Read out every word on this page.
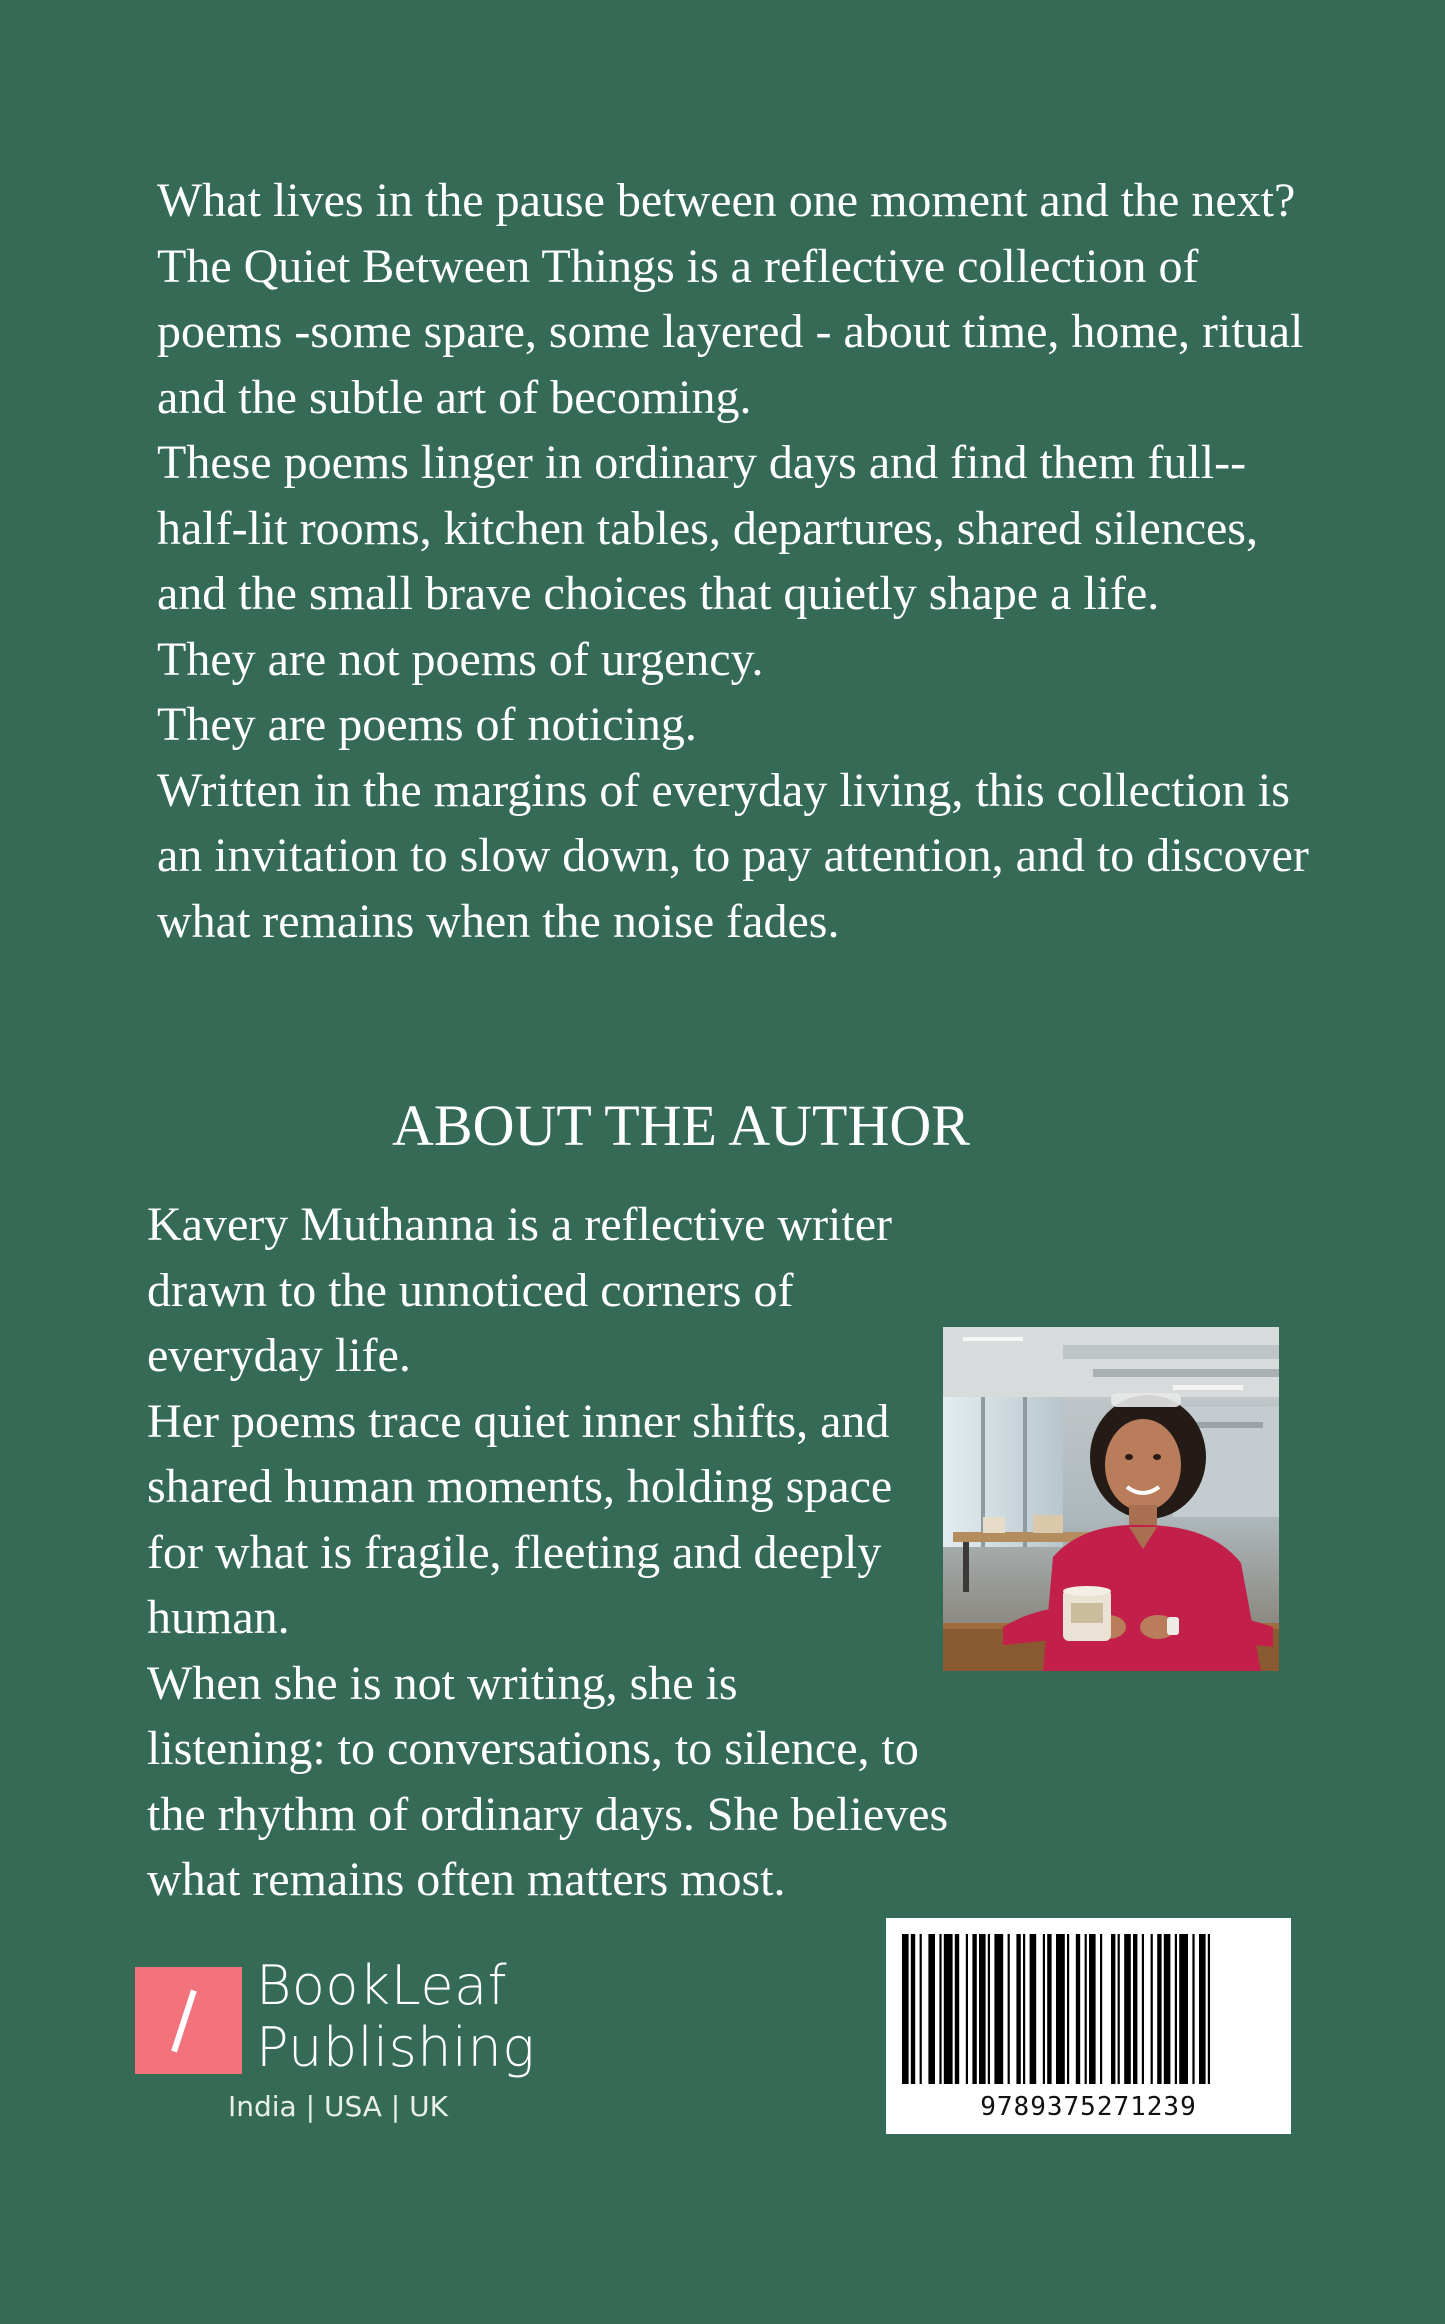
What lives in the pause between one moment and the next?

The Quiet Between Things is a reflective collection of poems -some spare, some layered - about time, home, ritual and the subtle art of becoming.

These poems linger in ordinary days and find them full-- half-lit rooms, kitchen tables, departures, shared silences, and the small brave choices that quietly shape a life.

They are not poems of urgency.

They are poems of noticing.

Written in the margins of everyday living, this collection is an invitation to slow down, to pay attention, and to discover what remains when the noise fades.

ABOUT THE AUTHOR

Kavery Muthanna is a reflective writer

drawn to the unnoticed corners of

everyday life.

Her poems trace quiet inner shifts, and

shared human moments, holding space

for what is fragile, fleeting and deeply

human.

When she is not writing, she is

listening: to conversations, to silence, to

the rhythm of ordinary days. She believes

what remains often matters most.

BookLeaf
Publishing
India | USA | UK	9789375271239
